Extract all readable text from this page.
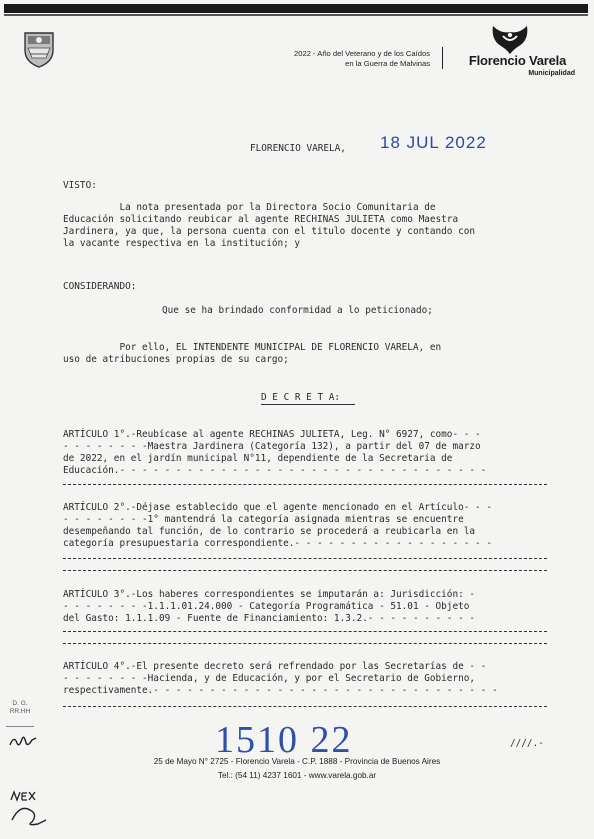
2022 - Año del Veterano y de los Caídos
en la Guerra de Malvinas	Florencio Varela
Municipalidad
FLORENCIO VARELA, 18 JUL 2022
VISTO:
La nota presentada por la Directora Socio Comunitaria de
Educación solicitando reubicar al agente RECHINAS JULIETA como Maestra
Jardinera, ya que, la persona cuenta con el titulo docente y contando con
la vacante respectiva en la institución; y
CONSIDERANDO:
Que se ha brindado conformidad a lo peticionado;
Por ello, EL INTENDENTE MUNICIPAL DE FLORENCIO VARELA, en
uso de atribuciones propias de su cargo;
D E C R E T A:
ARTÍCULO 1°.-Reubícase al agente RECHINAS JULIETA, Leg. N° 6927, como- - -
- - - - - - - -Maestra Jardinera (Categoría 132), a partir del 07 de marzo
de 2022, en el jardín municipal N°11, dependiente de la Secretaria de
Educación.- - - - - - - - - - - - - - - - - - - - - - - - - - - - - - - - -
ARTÍCULO 2°.-Déjase establecido que el agente mencionado en el Artículo- - -
- - - - - - - -1° mantendrá la categoría asignada mientras se encuentre
desempeñando tal función, de lo contrario se procederá a reubicarla en la
categoría presupuestaria correspondiente.- - - - - - - - - - - - - - - - - -
ARTÍCULO 3°.-Los haberes correspondientes se imputarán a: Jurisdicción: -
- - - - - - - -1.1.1.01.24.000 - Categoría Programática - 51.01 - Objeto
del Gasto: 1.1.1.09 - Fuente de Financiamiento: 1.3.2.- - - - - - - - - -
ARTÍCULO 4°.-El presente decreto será refrendado por las Secretarías de - -
- - - - - - - -Hacienda, y de Educación, y por el Secretario de Gobierno,
respectivamente.- - - - - - - - - - - - - - - - - - - - - - - - - - - - - - -
D. G.
RR.HH
1510 22	////.-
25 de Mayo N° 2725 - Florencio Varela - C.P. 1888 - Provincia de Buenos Aires
Tel.: (54 11) 4237 1601 - www.varela.gob.ar
